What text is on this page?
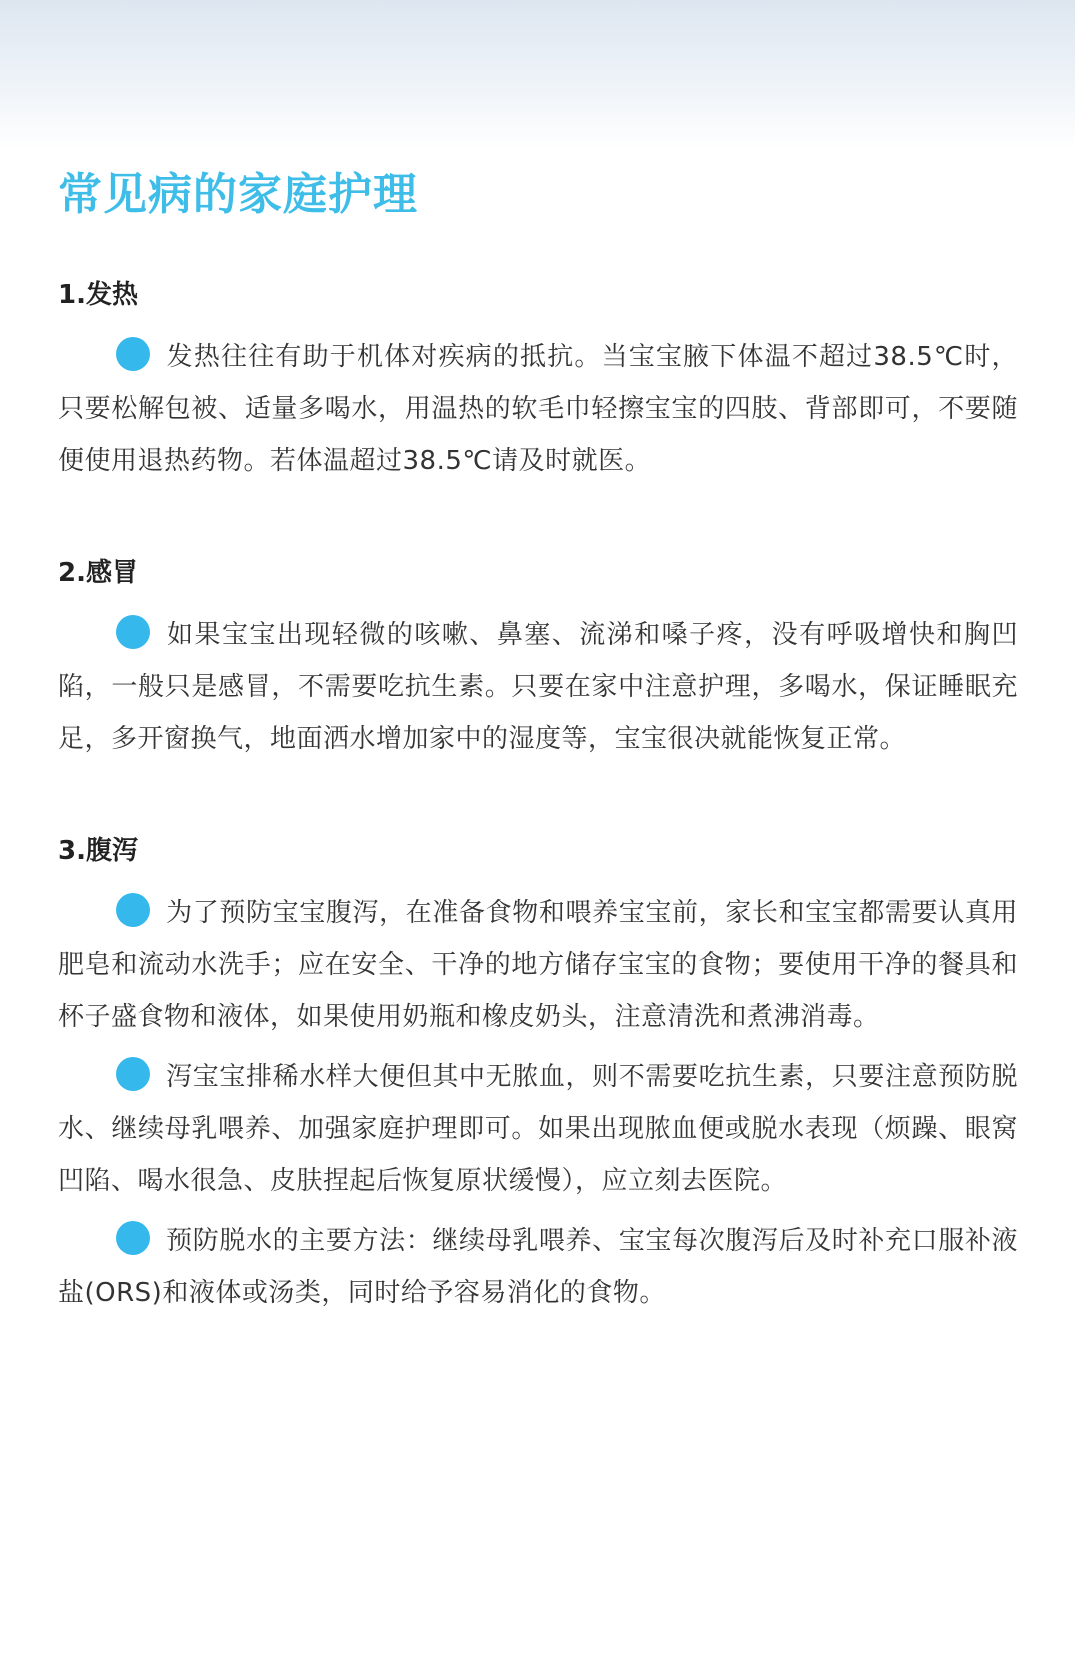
常见病的家庭护理
1.发热

发热往往有助于机体对疾病的抵抗。当宝宝腋下体温不超过38.5℃时，只要松解包被、适量多喝水，用温热的软毛巾轻擦宝宝的四肢、背部即可，不要随便使用退热药物。若体温超过38.5℃请及时就医。

2.感冒

如果宝宝出现轻微的咳嗽、鼻塞、流涕和嗓子疼，没有呼吸增快和胸凹陷，一般只是感冒，不需要吃抗生素。只要在家中注意护理，多喝水，保证睡眠充足，多开窗换气，地面洒水增加家中的湿度等，宝宝很决就能恢复正常。

3.腹泻

为了预防宝宝腹泻，在准备食物和喂养宝宝前，家长和宝宝都需要认真用肥皂和流动水洗手；应在安全、干净的地方储存宝宝的食物；要使用干净的餐具和杯子盛食物和液体，如果使用奶瓶和橡皮奶头，注意清洗和煮沸消毒。

泻宝宝排稀水样大便但其中无脓血，则不需要吃抗生素，只要注意预防脱水、继续母乳喂养、加强家庭护理即可。如果出现脓血便或脱水表现（烦躁、眼窝凹陷、喝水很急、皮肤捏起后恢复原状缓慢），应立刻去医院。

预防脱水的主要方法：继续母乳喂养、宝宝每次腹泻后及时补充口服补液盐(ORS)和液体或汤类，同时给予容易消化的食物。
